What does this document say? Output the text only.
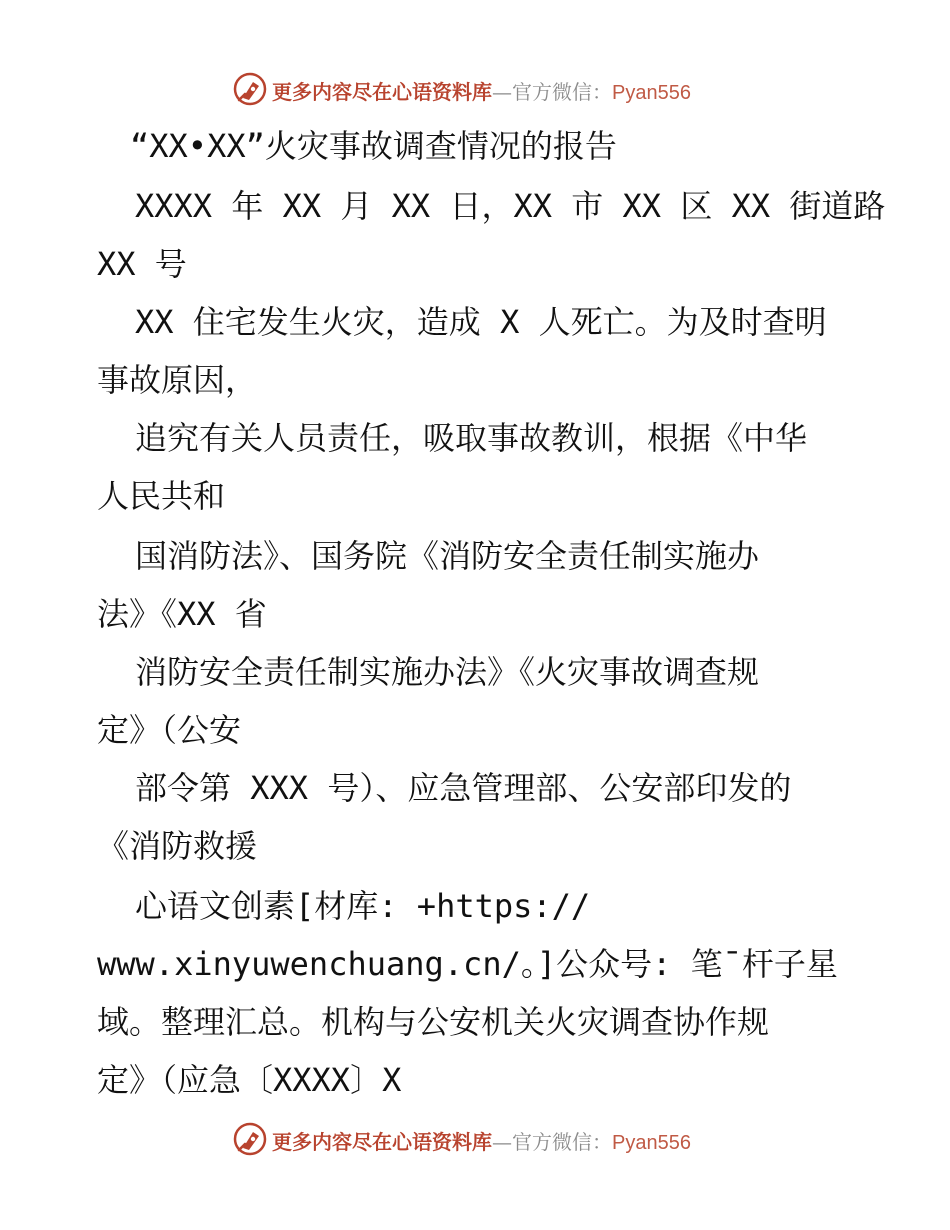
更多内容尽在心语资料库—官方微信：Pyan556
“XX•XX”火灾事故调查情况的报告
XXXX 年 XX 月 XX 日，XX 市 XX 区 XX 街道路
XX 号
XX 住宅发生火灾，造成 X 人死亡。为及时查明
事故原因，
追究有关人员责任，吸取事故教训，根据《中华
人民共和
国消防法》、国务院《消防安全责任制实施办
法》《XX 省
消防安全责任制实施办法》《火灾事故调查规
定》（公安
部令第 XXX 号）、应急管理部、公安部印发的
《消防救援
心语文创素[材库: +https://
www.xinyuwenchuang.cn/。]公众号: 笔¯杆子星
域。整理汇总。机构与公安机关火灾调查协作规
定》（应急〔XXXX〕X
更多内容尽在心语资料库—官方微信：Pyan556
